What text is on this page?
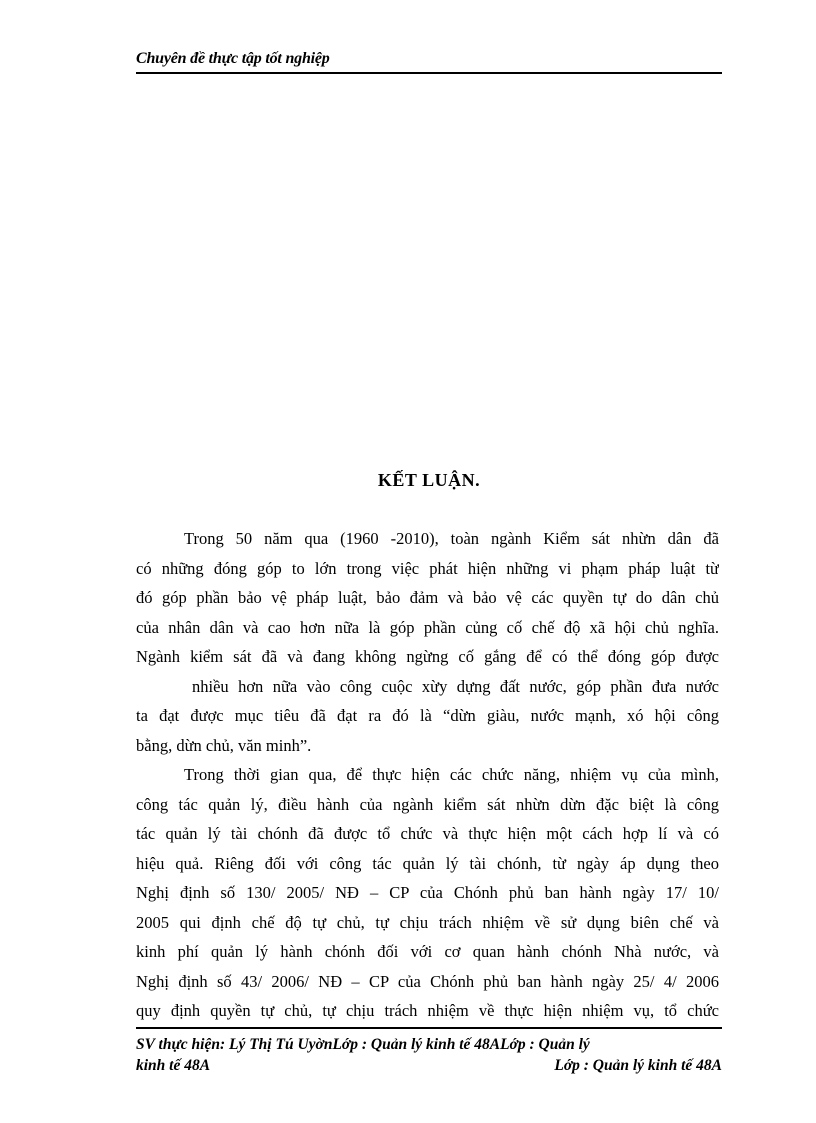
Chuyên đề thực tập tốt nghiệp
KẾT LUẬN.
Trong 50 năm qua (1960 -2010), toàn ngành Kiểm sát nhừn dân đã
có những đóng góp to lớn trong việc phát hiện những vi phạm pháp luật từ
đó góp phần bảo vệ pháp luật, bảo đảm và bảo vệ các quyền tự do dân chủ
của nhân dân và cao hơn nữa là góp phần củng cố chế độ xã hội chủ nghĩa.
Ngành kiểm sát đã và đang không ngừng cố gắng để có thể đóng góp được
nhiều hơn nữa vào công cuộc xừy dựng đất nước, góp phần đưa nước
ta đạt được mục tiêu đã đạt ra đó là “dừn giàu, nước mạnh, xó hội công
bằng, dừn chủ, văn minh”.
Trong thời gian qua, để thực hiện các chức năng, nhiệm vụ của mình,
công tác quản lý, điều hành của ngành kiểm sát nhừn dừn đặc biệt là công
tác quản lý tài chónh đã được tổ chức và thực hiện một cách hợp lí và có
hiệu quả. Riêng đối với công tác quản lý tài chónh, từ ngày áp dụng theo
Nghị định số 130/ 2005/ NĐ – CP của Chónh phủ ban hành ngày 17/ 10/
2005 qui định chế độ tự chủ, tự chịu trách nhiệm về sử dụng biên chế và
kinh phí quản lý hành chónh đối với cơ quan hành chónh Nhà nước, và
Nghị định số 43/ 2006/ NĐ – CP của Chónh phủ ban hành ngày 25/ 4/ 2006
quy định quyền tự chủ, tự chịu trách nhiệm về thực hiện nhiệm vụ, tổ chức
SV thực hiện: Lý Thị Tú UyờnLớp : Quản lý kinh tế 48ALớp : Quản lý
kinh tế 48A	Lớp : Quản lý kinh tế 48A
